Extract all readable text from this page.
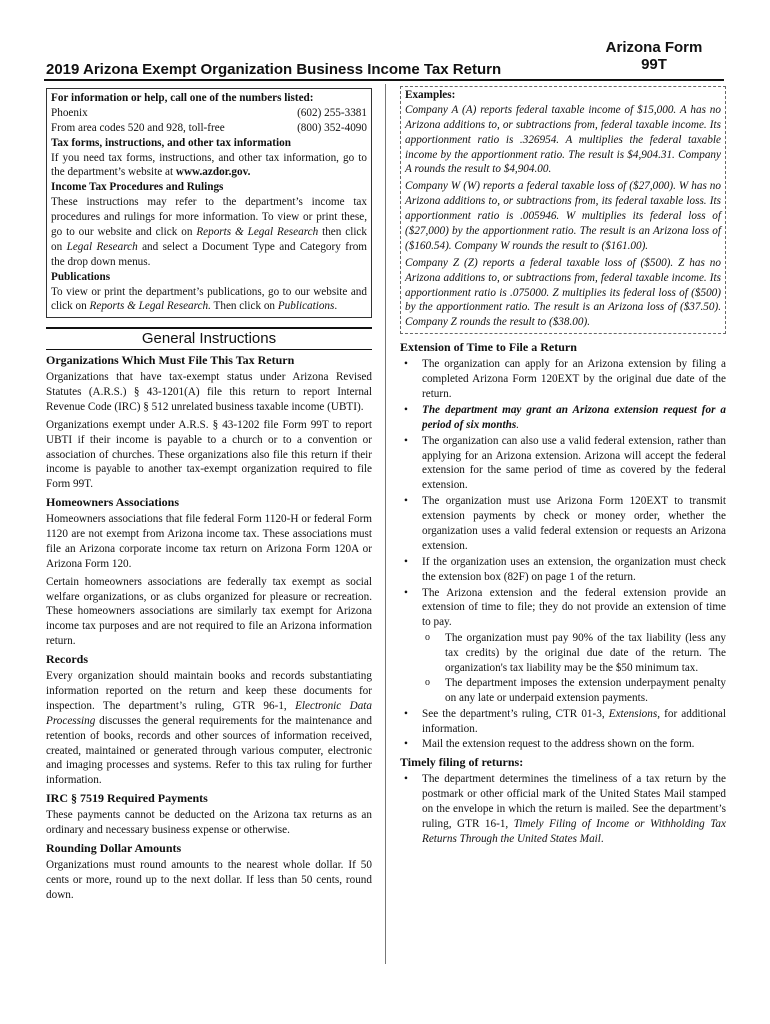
Arizona Form
99T
2019 Arizona Exempt Organization Business Income Tax Return

For information or help, call one of the numbers listed:

Phoenix	(602) 255-3381
From area codes 520 and 928, toll-free	(800) 352-4090

Tax forms, instructions, and other tax information

If you need tax forms, instructions, and other tax information, go to the department’s website at www.azdor.gov.

Income Tax Procedures and Rulings

These instructions may refer to the department’s income tax procedures and rulings for more information. To view or print these, go to our website and click on Reports & Legal Research then click on Legal Research and select a Document Type and Category from the drop down menus.

Publications

To view or print the department’s publications, go to our website and click on Reports & Legal Research. Then click on Publications.

General Instructions
Organizations Which Must File This Tax Return

Organizations that have tax-exempt status under Arizona Revised Statutes (A.R.S.) § 43-1201(A) file this return to report Internal Revenue Code (IRC) § 512 unrelated business taxable income (UBTI).

Organizations exempt under A.R.S. § 43-1202 file Form 99T to report UBTI if their income is payable to a church or to a convention or association of churches. These organizations also file this return if their income is payable to another tax-exempt organization required to file Form 99T.

Homeowners Associations

Homeowners associations that file federal Form 1120-H or federal Form 1120 are not exempt from Arizona income tax. These associations must file an Arizona corporate income tax return on Arizona Form 120A or Arizona Form 120.

Certain homeowners associations are federally tax exempt as social welfare organizations, or as clubs organized for pleasure or recreation. These homeowners associations are similarly tax exempt for Arizona income tax purposes and are not required to file an Arizona information return.

Records

Every organization should maintain books and records substantiating information reported on the return and keep these documents for inspection. The department’s ruling, GTR 96-1, Electronic Data Processing discusses the general requirements for the maintenance and retention of books, records and other sources of information received, created, maintained or generated through various computer, electronic and imaging processes and systems. Refer to this tax ruling for further information.

IRC § 7519 Required Payments

These payments cannot be deducted on the Arizona tax returns as an ordinary and necessary business expense or otherwise.

Rounding Dollar Amounts

Organizations must round amounts to the nearest whole dollar. If 50 cents or more, round up to the next dollar. If less than 50 cents, round down.

Examples:

Company A (A) reports federal taxable income of $15,000. A has no Arizona additions to, or subtractions from, federal taxable income. Its apportionment ratio is .326954. A multiplies the federal taxable income by the apportionment ratio. The result is $4,904.31. Company A rounds the result to $4,904.00.

Company W (W) reports a federal taxable loss of ($27,000). W has no Arizona additions to, or subtractions from, its federal taxable loss. Its apportionment ratio is .005946. W multiplies its federal loss of ($27,000) by the apportionment ratio. The result is an Arizona loss of ($160.54). Company W rounds the result to ($161.00).

Company Z (Z) reports a federal taxable loss of ($500). Z has no Arizona additions to, or subtractions from, federal taxable income. Its apportionment ratio is .075000. Z multiplies its federal loss of ($500) by the apportionment ratio. The result is an Arizona loss of ($37.50). Company Z rounds the result to ($38.00).

Extension of Time to File a Return
• The organization can apply for an Arizona extension by filing a completed Arizona Form 120EXT by the original due date of the return.
• The department may grant an Arizona extension request for a period of six months.
• The organization can also use a valid federal extension, rather than applying for an Arizona extension. Arizona will accept the federal extension for the same period of time as covered by the federal extension.
• The organization must use Arizona Form 120EXT to transmit extension payments by check or money order, whether the organization uses a valid federal extension or requests an Arizona extension.
• If the organization uses an extension, the organization must check the extension box (82F) on page 1 of the return.
• The Arizona extension and the federal extension provide an extension of time to file; they do not provide an extension of time to pay.
o The organization must pay 90% of the tax liability (less any tax credits) by the original due date of the return. The organization's tax liability may be the $50 minimum tax.
o The department imposes the extension underpayment penalty on any late or underpaid extension payments.
• See the department’s ruling, CTR 01-3, Extensions, for additional information.
• Mail the extension request to the address shown on the form.
Timely filing of returns:
• The department determines the timeliness of a tax return by the postmark or other official mark of the United States Mail stamped on the envelope in which the return is mailed. See the department’s ruling, GTR 16-1, Timely Filing of Income or Withholding Tax Returns Through the United States Mail.
